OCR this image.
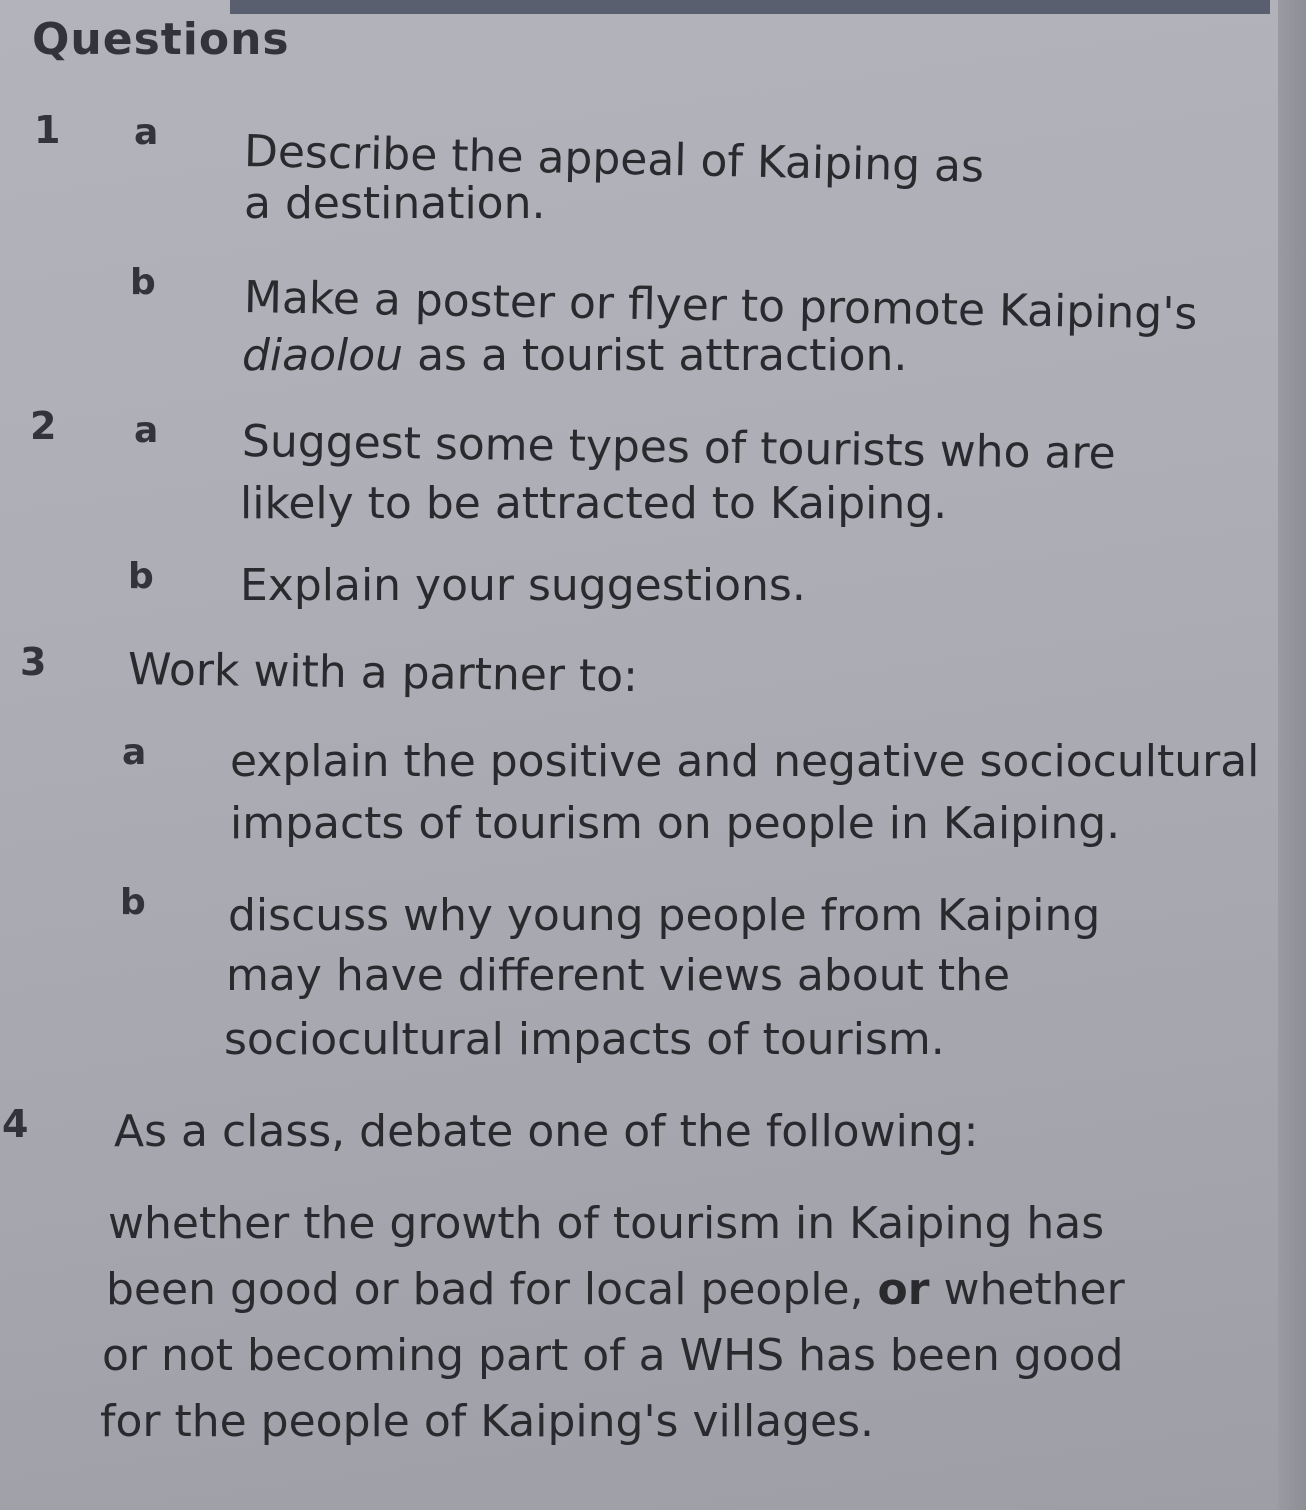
Questions
1 a Describe the appeal of Kaiping as
a destination.
b Make a poster or flyer to promote Kaiping's
diaolou as a tourist attraction.
2 a Suggest some types of tourists who are
likely to be attracted to Kaiping.
b Explain your suggestions.
3 Work with a partner to:
a explain the positive and negative sociocultural
impacts of tourism on people in Kaiping.
b discuss why young people from Kaiping
may have different views about the
sociocultural impacts of tourism.
4 As a class, debate one of the following:
whether the growth of tourism in Kaiping has
been good or bad for local people, or whether
or not becoming part of a WHS has been good
for the people of Kaiping's villages.
